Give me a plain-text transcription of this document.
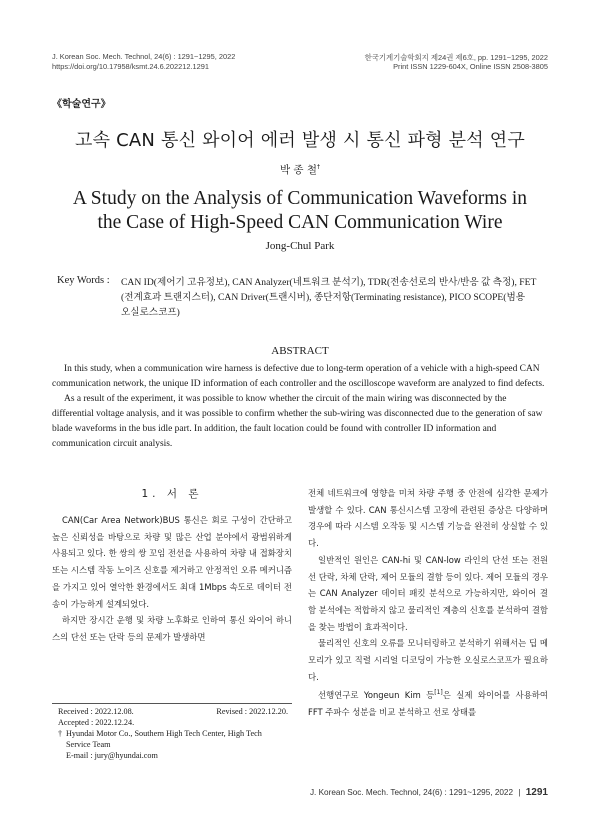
J. Korean Soc. Mech. Technol, 24(6) : 1291~1295, 2022
https://doi.org/10.17958/ksmt.24.6.202212.1291
한국기계기술학회지 제24권 제6호, pp. 1291~1295, 2022
Print ISSN 1229-604X, Online ISSN 2508-3805
《학술연구》
고속 CAN 통신 와이어 에러 발생 시 통신 파형 분석 연구
박 종 철†
A Study on the Analysis of Communication Waveforms in
the Case of High-Speed CAN Communication Wire
Jong-Chul Park
Key Words : CAN ID(제어기 고유정보), CAN Analyzer(네트워크 분석기), TDR(전송선로의 반사/반응 값 측정), FET
(전계효과 트랜지스터), CAN Driver(트랜시버), 종단저항(Terminating resistance), PICO SCOPE(범용
오실로스코프)
ABSTRACT

In this study, when a communication wire harness is defective due to long-term operation of a vehicle with a high-speed CAN communication network, the unique ID information of each controller and the oscilloscope waveform are analyzed to find defects.

As a result of the experiment, it was possible to know whether the circuit of the main wiring was disconnected by the differential voltage analysis, and it was possible to confirm whether the sub-wiring was disconnected due to the generation of saw blade waveforms in the bus idle part. In addition, the fault location could be found with controller ID information and communication circuit analysis.

1. 서 론

CAN(Car Area Network)BUS 통신은 회로 구성이 간단하고 높은 신뢰성을 바탕으로 차량 및 많은 산업 분야에서 광범위하게 사용되고 있다. 한 쌍의 쌍 꼬임 전선을 사용하여 차량 내 접화장치 또는 시스템 작동 노이즈 신호를 제거하고 안정적인 오류 메커니즘을 가지고 있어 열악한 환경에서도 최대 1Mbps 속도로 데이터 전송이 가능하게 설계되었다.

하지만 장시간 운행 및 차량 노후화로 인하여 통신 와이어 하니스의 단선 또는 단락 등의 문제가 발생하면

전체 네트워크에 영향을 미쳐 차량 주행 중 안전에 심각한 문제가 발생할 수 있다. CAN 통신시스템 고장에 관련된 증상은 다양하며 경우에 따라 시스템 오작동 및 시스템 기능을 완전히 상실할 수 있다.

일반적인 원인은 CAN-hi 및 CAN-low 라인의 단선 또는 전원선 단락, 차체 단락, 제어 모듈의 결함 등이 있다. 제어 모듈의 경우는 CAN Analyzer 데이터 패킷 분석으로 가능하지만, 와이어 결함 분석에는 적합하지 않고 물리적인 계층의 신호를 분석하여 결함을 찾는 방법이 효과적이다.

물리적인 신호의 오류를 모니터링하고 분석하기 위해서는 딥 메모리가 있고 직렬 시리얼 디코딩이 가능한 오실로스코프가 필요하다.

선행연구로 Yongeun Kim 등[1]은 실제 와이어를 사용하여 FFT 주파수 성분을 비교 분석하고 선로 상태를

Received : 2022.12.08.	Revised : 2022.12.20.
Accepted : 2022.12.24.
† Hyundai Motor Co., Southern High Tech Center, High Tech
Service Team
E-mail : jury@hyundai.com
J. Korean Soc. Mech. Technol, 24(6) : 1291~1295, 2022 | 1291
